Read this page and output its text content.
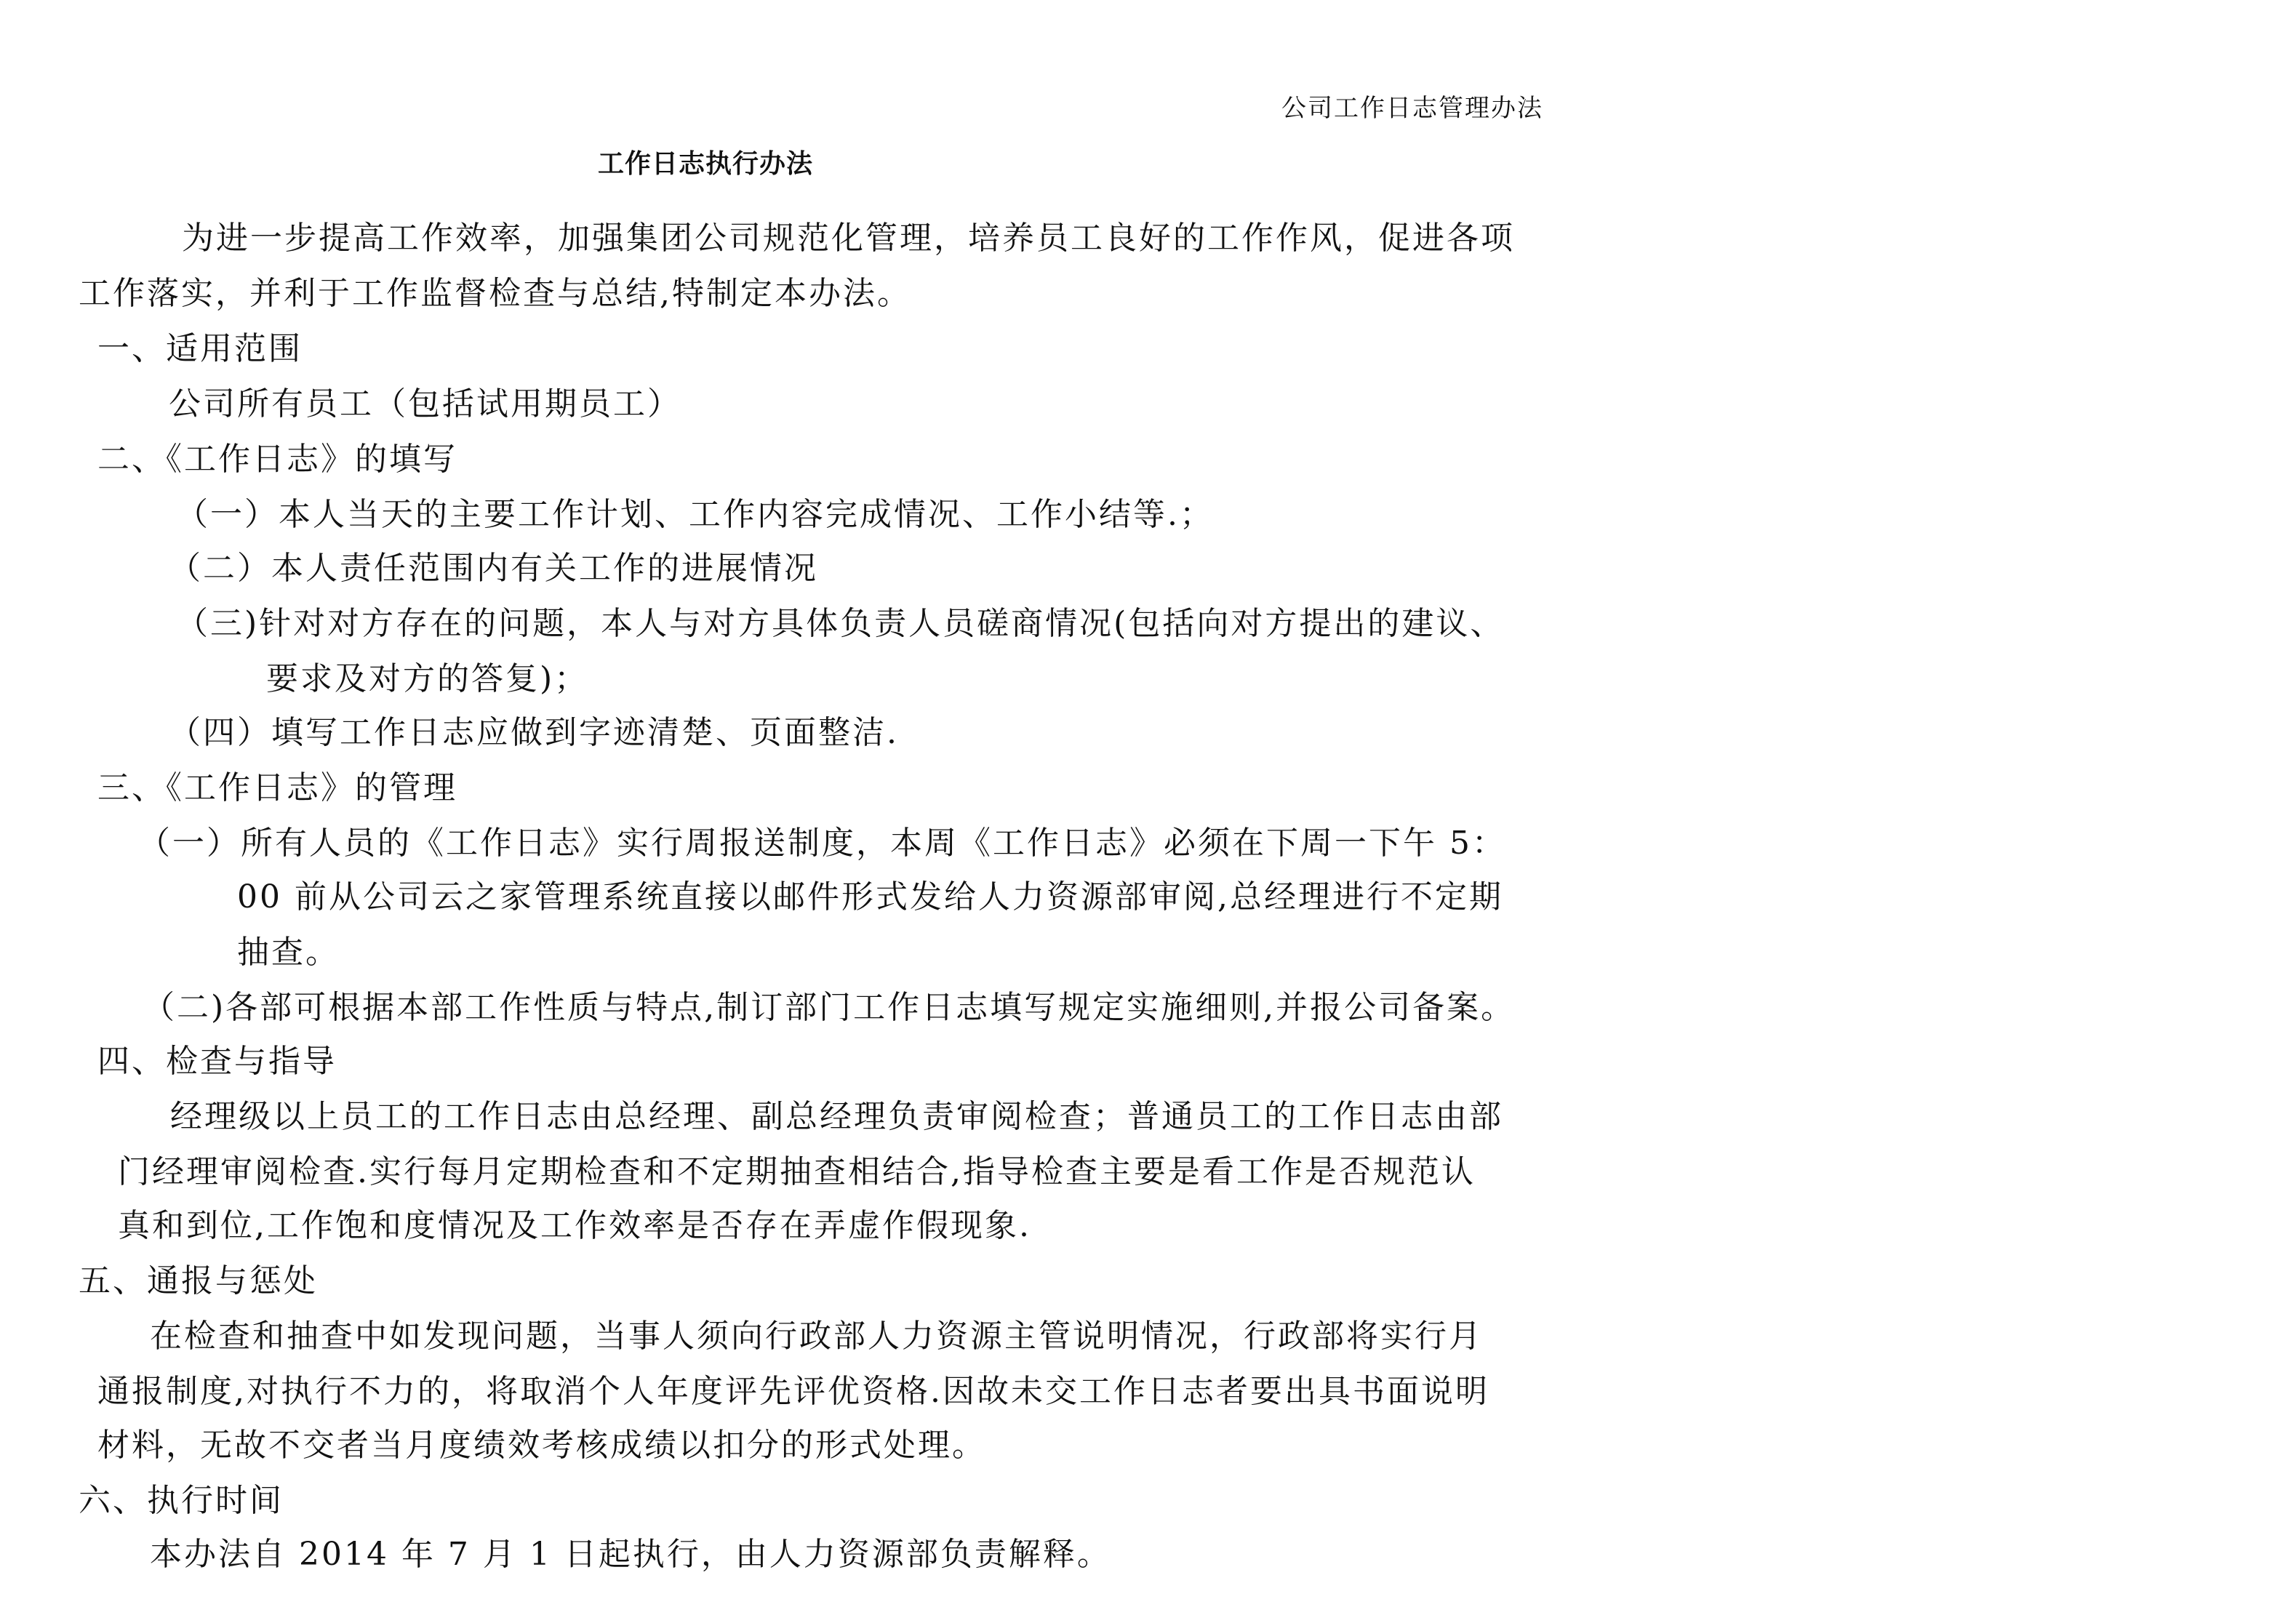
公司工作日志管理办法
工作日志执行办法
为进一步提高工作效率，加强集团公司规范化管理，培养员工良好的工作作风，促进各项
工作落实，并利于工作监督检查与总结,特制定本办法。
一、适用范围
公司所有员工（包括试用期员工）
二、《工作日志》的填写
（一）本人当天的主要工作计划、工作内容完成情况、工作小结等.；
（二）本人责任范围内有关工作的进展情况
（三)针对对方存在的问题，本人与对方具体负责人员磋商情况(包括向对方提出的建议、
要求及对方的答复)；
（四）填写工作日志应做到字迹清楚、页面整洁.
三、《工作日志》的管理
（一）所有人员的《工作日志》实行周报送制度，本周《工作日志》必须在下周一下午 5：
00 前从公司云之家管理系统直接以邮件形式发给人力资源部审阅,总经理进行不定期
抽查。
（二)各部可根据本部工作性质与特点,制订部门工作日志填写规定实施细则,并报公司备案。
四、检查与指导
经理级以上员工的工作日志由总经理、副总经理负责审阅检查；普通员工的工作日志由部
门经理审阅检查.实行每月定期检查和不定期抽查相结合,指导检查主要是看工作是否规范认
真和到位,工作饱和度情况及工作效率是否存在弄虚作假现象.
五、通报与惩处
在检查和抽查中如发现问题，当事人须向行政部人力资源主管说明情况，行政部将实行月
通报制度,对执行不力的，将取消个人年度评先评优资格.因故未交工作日志者要出具书面说明
材料，无故不交者当月度绩效考核成绩以扣分的形式处理。
六、执行时间
本办法自 2014 年 7 月 1 日起执行，由人力资源部负责解释。
